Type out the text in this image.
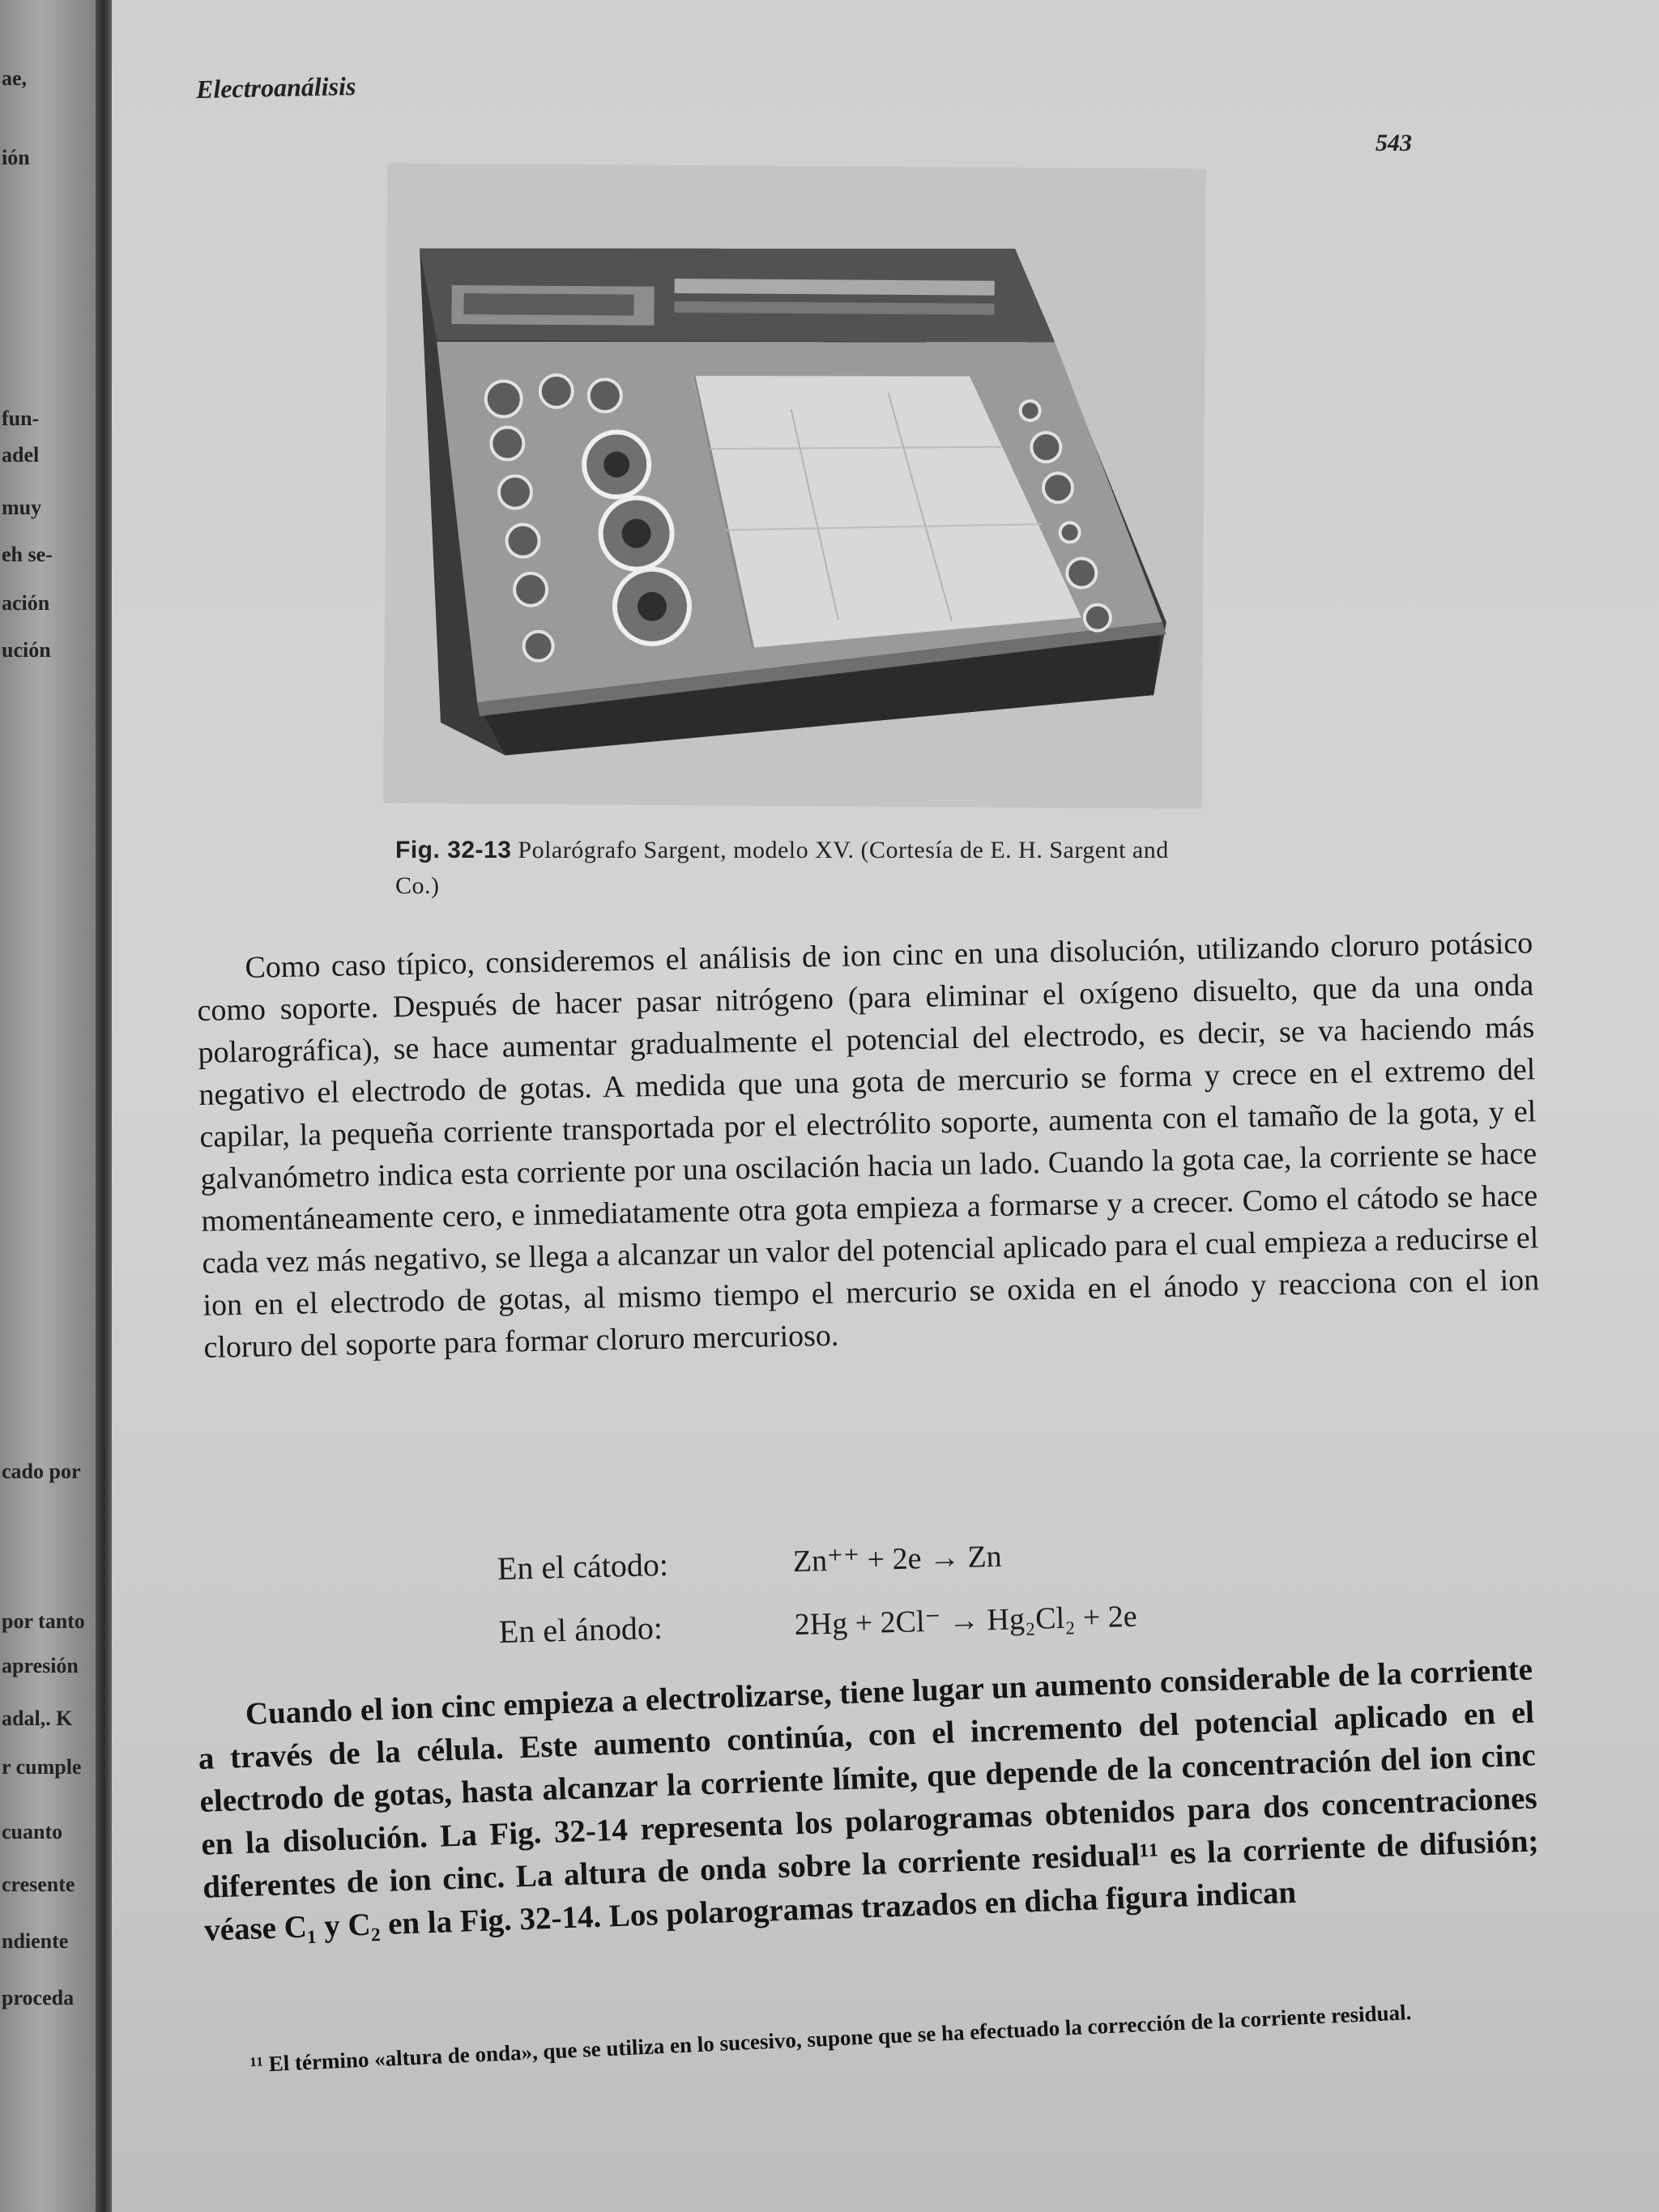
ae,
ión
fun-
adel
muy
eh se-
ación
ución
cado por
por tanto
apresión
adal,. K
r cumple
cuanto
cresente
ndiente
proceda
Electroanálisis
543
Fig. 32-13 Polarógrafo Sargent, modelo XV. (Cortesía de E. H. Sargent and Co.)
Como caso típico, consideremos el análisis de ion cinc en una disolución, utilizando cloruro potásico como soporte. Después de hacer pasar nitrógeno (para eliminar el oxígeno disuelto, que da una onda polarográfica), se hace aumentar gradualmente el potencial del electrodo, es decir, se va haciendo más negativo el electrodo de gotas. A medida que una gota de mercurio se forma y crece en el extremo del capilar, la pequeña corriente transportada por el electrólito soporte, aumenta con el tamaño de la gota, y el galvanómetro indica esta corriente por una oscilación hacia un lado. Cuando la gota cae, la corriente se hace momentáneamente cero, e inmediatamente otra gota empieza a formarse y a crecer. Como el cátodo se hace cada vez más negativo, se llega a alcanzar un valor del potencial aplicado para el cual empieza a reducirse el ion en el electrodo de gotas, al mismo tiempo el mercurio se oxida en el ánodo y reacciona con el ion cloruro del soporte para formar cloruro mercurioso.
En el cátodo:	Zn⁺⁺ + 2e → Zn
En el ánodo:	2Hg + 2Cl⁻ → Hg₂Cl₂ + 2e
Cuando el ion cinc empieza a electrolizarse, tiene lugar un aumento considerable de la corriente a través de la célula. Este aumento continúa, con el incremento del potencial aplicado en el electrodo de gotas, hasta alcanzar la corriente límite, que depende de la concentración del ion cinc en la disolución. La Fig. 32-14 representa los polarogramas obtenidos para dos concentraciones diferentes de ion cinc. La altura de onda sobre la corriente residual¹¹ es la corriente de difusión; véase C₁ y C₂ en la Fig. 32-14. Los polarogramas trazados en dicha figura indican
¹¹ El término «altura de onda», que se utiliza en lo sucesivo, supone que se ha efectuado la corrección de la corriente residual.
